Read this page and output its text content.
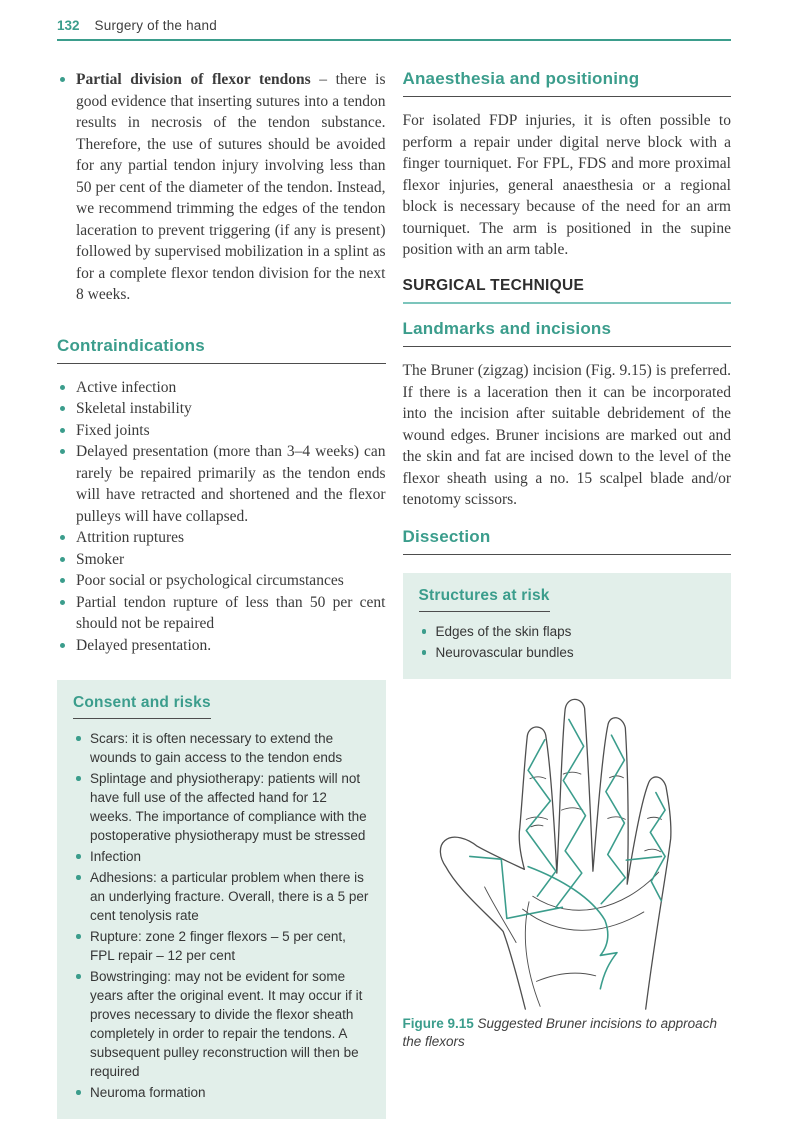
132 Surgery of the hand
Partial division of flexor tendons – there is good evidence that inserting sutures into a tendon results in necrosis of the tendon substance. Therefore, the use of sutures should be avoided for any partial tendon injury involving less than 50 per cent of the diameter of the tendon. Instead, we recommend trimming the edges of the tendon laceration to prevent triggering (if any is present) followed by supervised mobilization in a splint as for a complete flexor tendon division for the next 8 weeks.
Contraindications
Active infection
Skeletal instability
Fixed joints
Delayed presentation (more than 3–4 weeks) can rarely be repaired primarily as the tendon ends will have retracted and shortened and the flexor pulleys will have collapsed.
Attrition ruptures
Smoker
Poor social or psychological circumstances
Partial tendon rupture of less than 50 per cent should not be repaired
Delayed presentation.
Consent and risks
Scars: it is often necessary to extend the wounds to gain access to the tendon ends
Splintage and physiotherapy: patients will not have full use of the affected hand for 12 weeks. The importance of compliance with the postoperative physiotherapy must be stressed
Infection
Adhesions: a particular problem when there is an underlying fracture. Overall, there is a 5 per cent tenolysis rate
Rupture: zone 2 finger flexors – 5 per cent, FPL repair – 12 per cent
Bowstringing: may not be evident for some years after the original event. It may occur if it proves necessary to divide the flexor sheath completely in order to repair the tendons. A subsequent pulley reconstruction will then be required
Neuroma formation
Anaesthesia and positioning

For isolated FDP injuries, it is often possible to perform a repair under digital nerve block with a finger tourniquet. For FPL, FDS and more proximal flexor injuries, general anaesthesia or a regional block is necessary because of the need for an arm tourniquet. The arm is positioned in the supine position with an arm table.

SURGICAL TECHNIQUE
Landmarks and incisions

The Bruner (zigzag) incision (Fig. 9.15) is preferred. If there is a laceration then it can be incorporated into the incision after suitable debridement of the wound edges. Bruner incisions are marked out and the skin and fat are incised down to the level of the flexor sheath using a no. 15 scalpel blade and/or tenotomy scissors.

Dissection
Structures at risk
Edges of the skin flaps
Neurovascular bundles
Figure 9.15 Suggested Bruner incisions to approach the flexors
